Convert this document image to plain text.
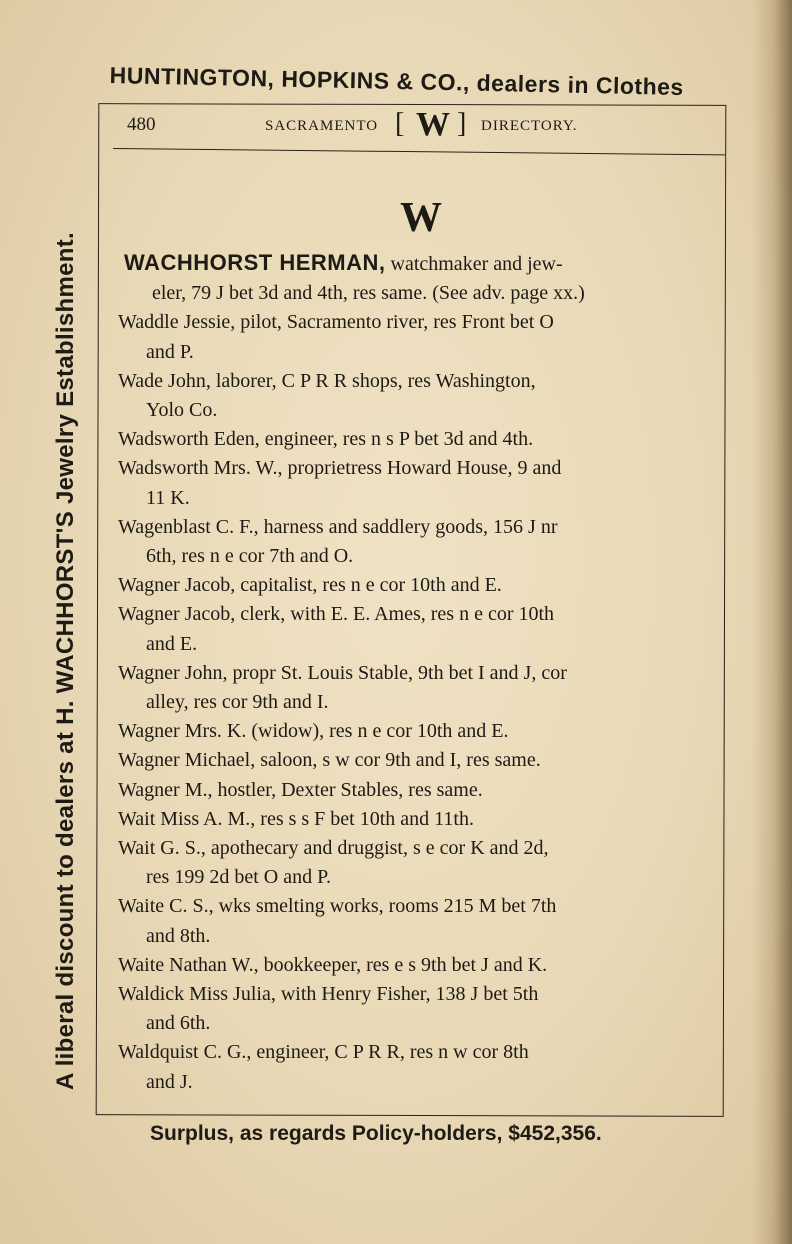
HUNTINGTON, HOPKINS & CO., dealers in Clothes
A liberal discount to dealers at H. WACHHORST'S Jewelry Establishment.
480	SACRAMENTO [ W ] DIRECTORY.
W
WACHHORST HERMAN, watchmaker and jew-
eler, 79 J bet 3d and 4th, res same. (See adv. page xx.)
Waddle Jessie, pilot, Sacramento river, res Front bet O
and P.
Wade John, laborer, C P R R shops, res Washington,
Yolo Co.
Wadsworth Eden, engineer, res n s P bet 3d and 4th.
Wadsworth Mrs. W., proprietress Howard House, 9 and
11 K.
Wagenblast C. F., harness and saddlery goods, 156 J nr
6th, res n e cor 7th and O.
Wagner Jacob, capitalist, res n e cor 10th and E.
Wagner Jacob, clerk, with E. E. Ames, res n e cor 10th
and E.
Wagner John, propr St. Louis Stable, 9th bet I and J, cor
alley, res cor 9th and I.
Wagner Mrs. K. (widow), res n e cor 10th and E.
Wagner Michael, saloon, s w cor 9th and I, res same.
Wagner M., hostler, Dexter Stables, res same.
Wait Miss A. M., res s s F bet 10th and 11th.
Wait G. S., apothecary and druggist, s e cor K and 2d,
res 199 2d bet O and P.
Waite C. S., wks smelting works, rooms 215 M bet 7th
and 8th.
Waite Nathan W., bookkeeper, res e s 9th bet J and K.
Waldick Miss Julia, with Henry Fisher, 138 J bet 5th
and 6th.
Waldquist C. G., engineer, C P R R, res n w cor 8th
and J.
Surplus, as regards Policy-holders, $452,356.
